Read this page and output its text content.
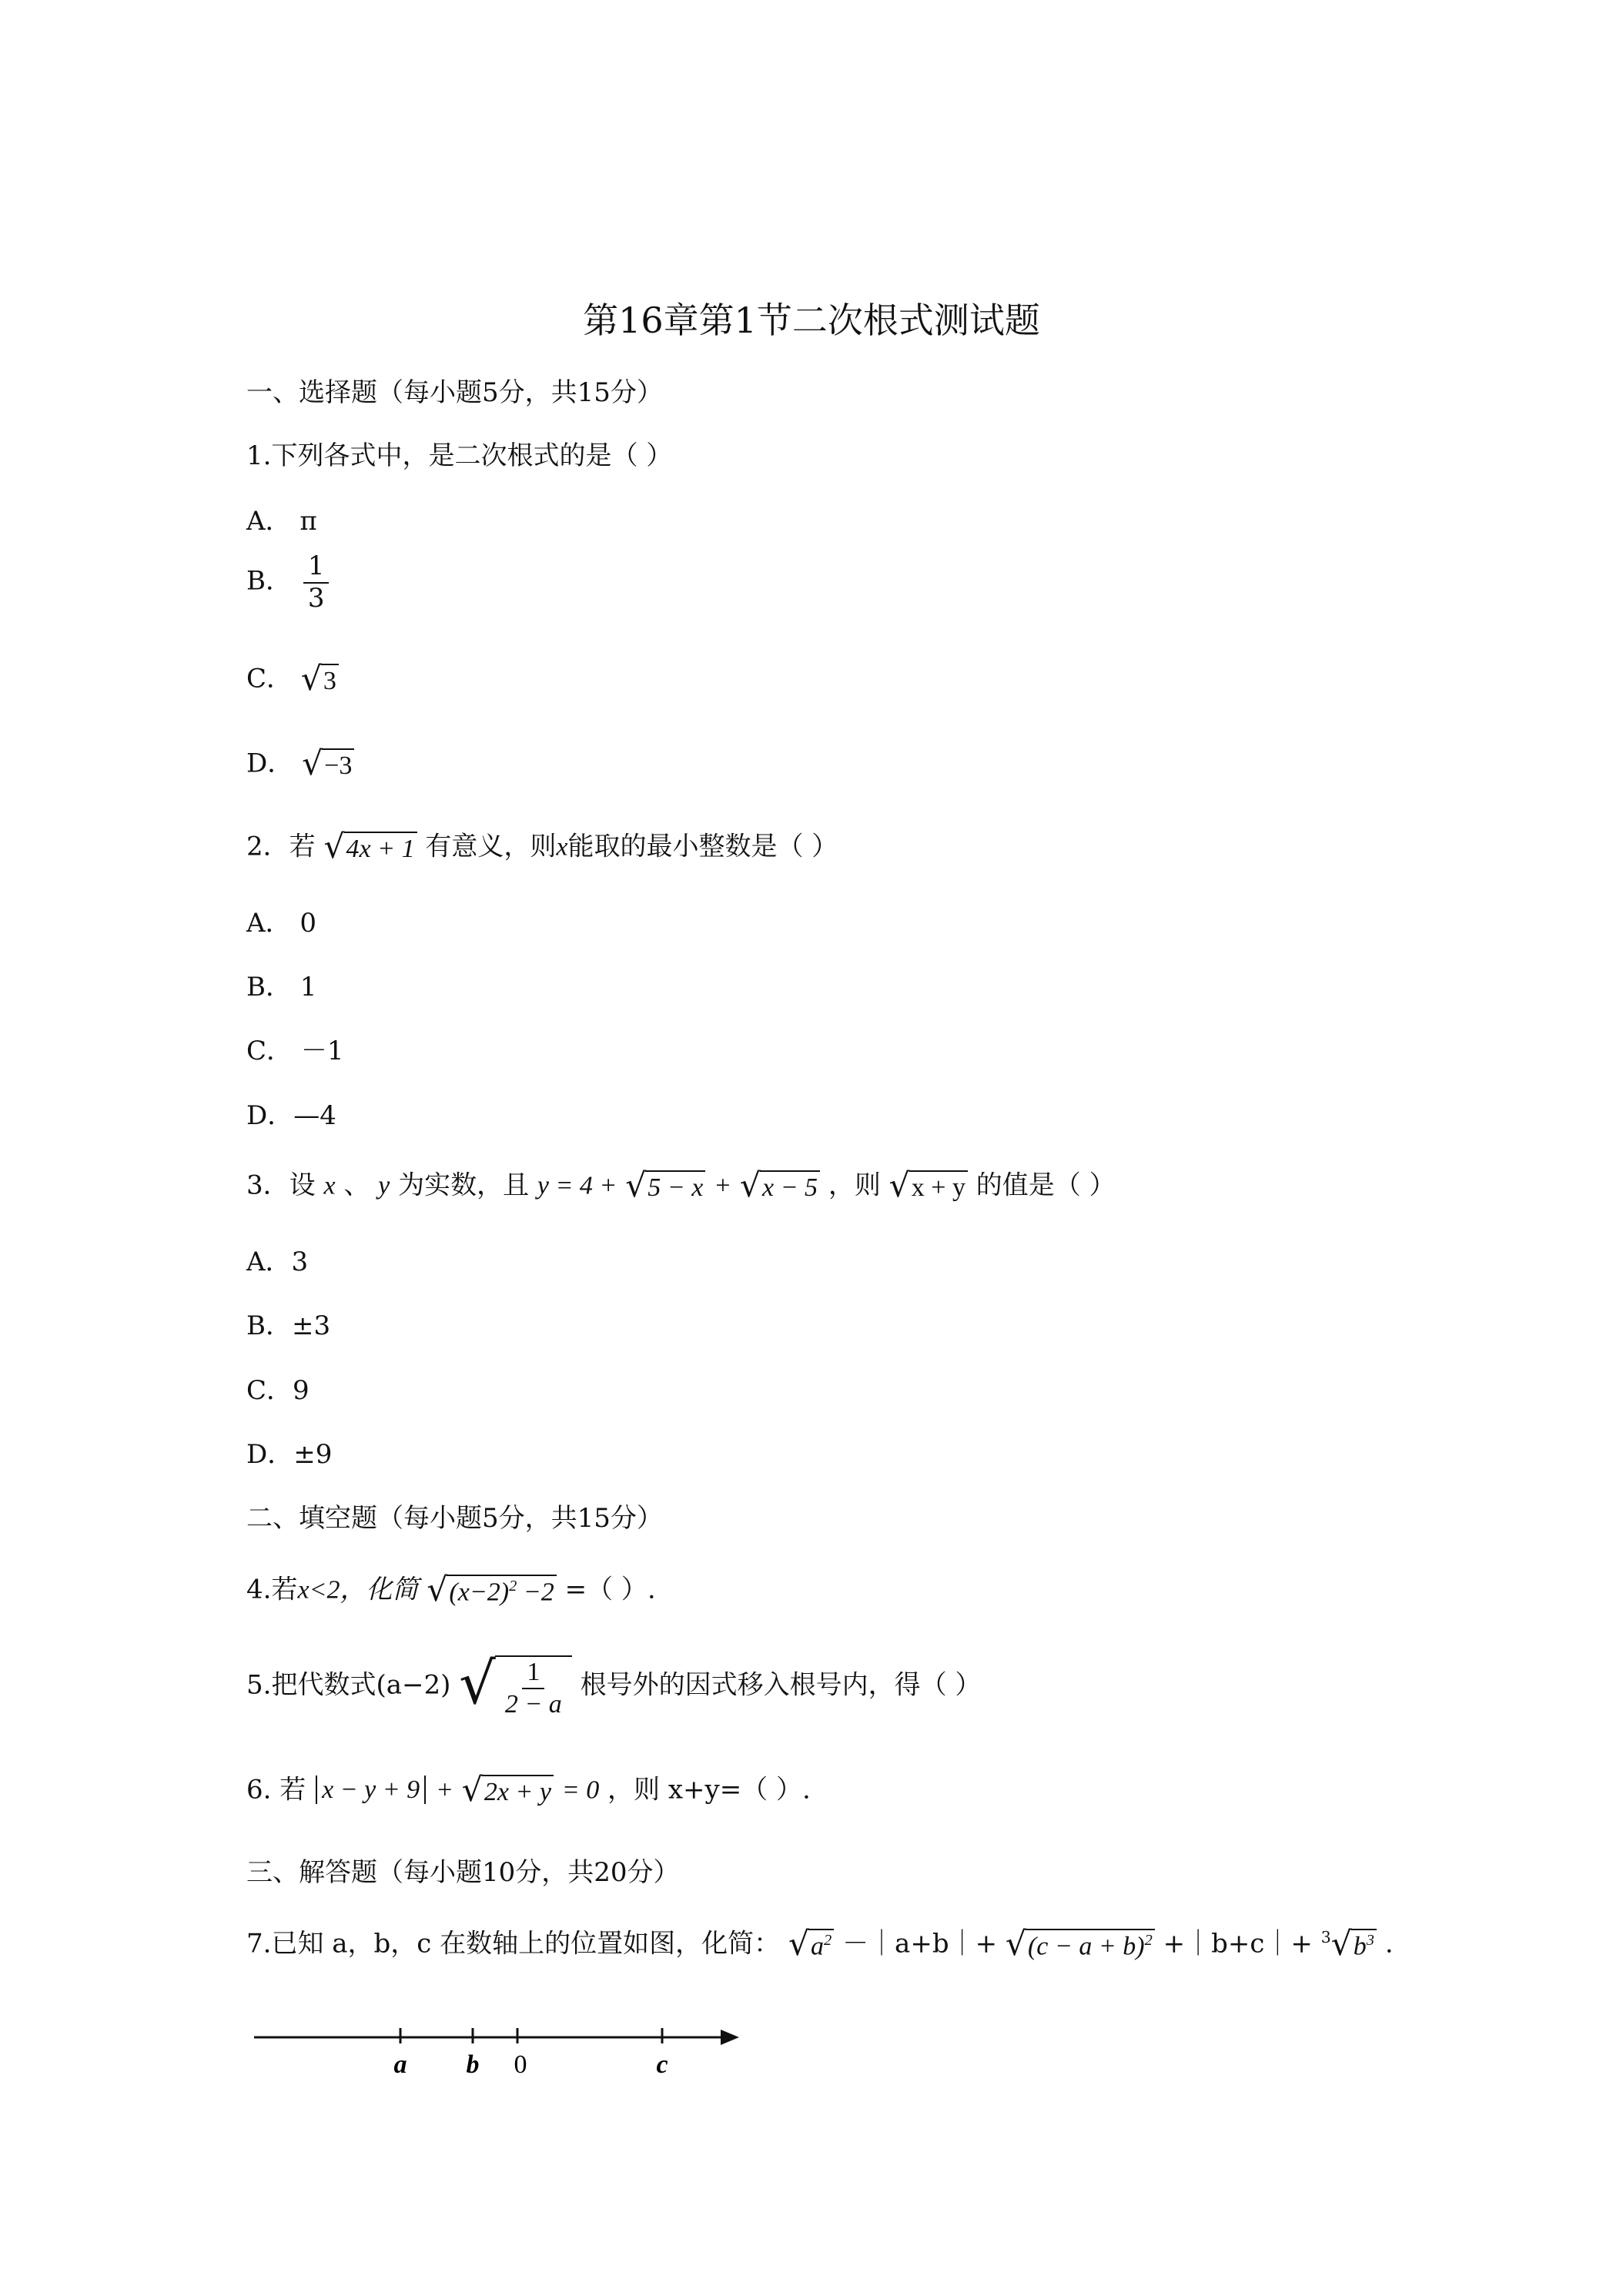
第16章第1节二次根式测试题
一、选择题（每小题5分，共15分）
1.下列各式中，是二次根式的是（ ）
A． π
B． $\frac{1}{3}$
C． √ 3
D． √ −3
2．若 √ 4x + 1 有意义，则x能取的最小整数是（ ）
A． 0
B． 1
C． －1
D．—4
3．设 x 、 y 为实数，且 y = 4 + √ 5 − x + √ x − 5 ，则 √ x + y 的值是（ ）
A．3
B．±3
C．9
D．±9
二、填空题（每小题5分，共15分）
4.若x<2，化简 √ $(x-2)^2 -2$ =（ ）.
5.把代数式(a−2) √ $\frac{1}{2 - a}$ 根号外的因式移入根号内，得（ ）
6. 若 x − y + 9 + √ 2x + y = 0 ，则 x+y=（ ）.
三、解答题（每小题10分，共20分）
7.已知 a，b，c 在数轴上的位置如图，化简： √ $a^2$ －｜a+b｜+ √ $(c - a + b)^2$ +｜b+c｜+ $^3$ √ $b^3$ .
a b 0	c
